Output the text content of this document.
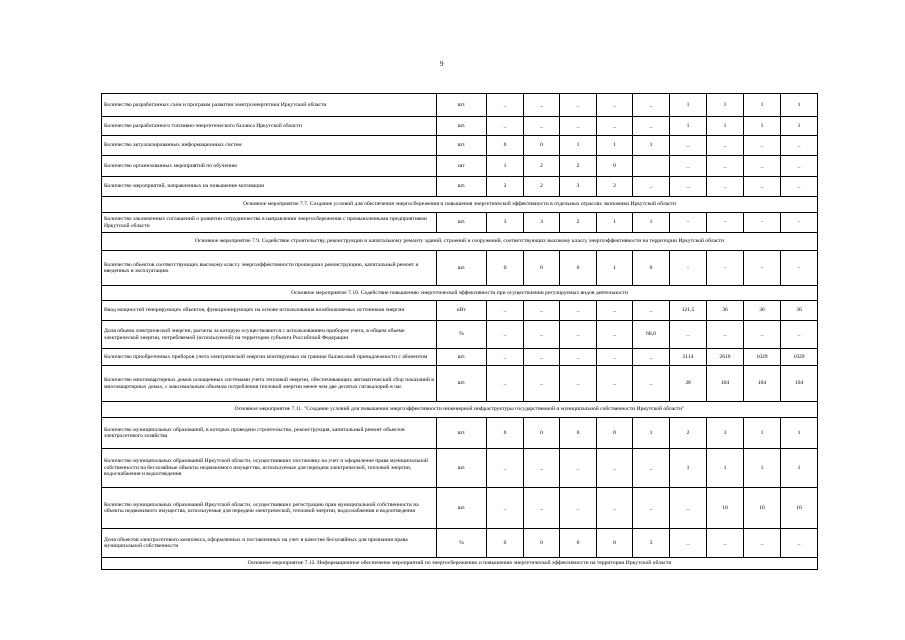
9
Количество разработанных схем и программ развития электроэнергетики Иркутской области	шт.	_	_	_	_	_	1	1	1	1
Количество разработанного топливно-энергетического баланса Иркутской области	шт.	_	_	_	_	_	1	1	1	1
Количество актуализированных информационных систем	шт.	0	0	1	1	1	_	_	_	_
Количество организованных мероприятий по обучению	шт	1	2	2	0		_	_	_	_
Количество мероприятий, направленных на повышение мотивации	шт.	2	2	3	2	_	_	_	_	_
Основное мероприятие 7.7. Создание условий для обеспечения энергосбережения и повышения энергетической эффективности в отдельных отраслях экономики Иркутской области										
Количество заключенных соглашений о развитии сотрудничества в направлении энергосбережения с промышленными предприятиями Иркутской области	шт.	3	3	2	1	1	-	-	-	-
Основное мероприятие 7.9. Содействие строительству, реконструкции и капитальному ремонту зданий, строений и сооружений, соответствующих высокому классу энергоэффективности на территории Иркутской области										
Количество объектов соответствующих высокому классу энергоэффективности прошедших реконструкцию, капитальный ремонт и введенных в эксплуатацию	шт.	0	0	0	1	0	-	-	-	-
Основное мероприятие 7.10. Содействие повышению энергетической эффективности при осуществлении регулируемых видов деятельности										
Ввод мощностей генерирующих объектов, функционирующих на основе использования возобновляемых источников энергии	кВт	_	_	_	_	_	121,5	36	36	36
Доля объема электрической энергии, расчеты за которую осуществляются с использованием приборов учета, в общем объеме электрической энергии, потребляемой (используемой) на территории субъекта Российской Федерации	%	_	_	_	_	68,0	_	_	_	_
Количество приобретенных приборов учета электрической энергии монтируемых на границе балансовой принадлежности с абонентом	шт.	_	_	_	_	_	2114	2610	1029	1029
Количество многоквартирных домов оснащенных системами учета тепловой энергии, обеспечивающих автоматический сбор показаний в многоквартирных домах, с максимальным объемом потребления тепловой энергии менее чем две десятых гигакалорий в час	шт.	_	_	_	_	_	38	104	104	104
Основное мероприятие 7.11. "Создание условий для повышения энергоэффективности инженерной инфраструктуры государственной и муниципальной собственности Иркутской области"										
Количество муниципальных образований, в которых проведено строительство, реконструкция, капитальный ремонт объектов электросетевого хозяйства	шт.	0	0	0	0	1	2	3	1	1
Количество муниципальных образований Иркутской области, осуществивших постановку на учет и оформление права муниципальной собственности на бесхозяйные объекты недвижимого имущества, используемые для передачи электрической, тепловой энергии, водоснабжения и водоотведения	шт.	_	_	_	_	_	1	1	1	1
Количество муниципальных образований Иркутской области, осуществивших регистрацию прав муниципальной собственности на объекты недвижимого имущества, используемые для передачи электрической, тепловой энергии, водоснабжения и водоотведения	шт.	_	_	_	_	_	_	10	10	10
Доля объектов электросетевого комплекса, оформленных и поставленных на учет в качестве бесхозяйных для признания права муниципальной собственности	%	0	0	0	0	3	_	_	_	_
Основное мероприятие 7.12. Информационное обеспечение мероприятий по энергосбережению и повышению энергетической эффективности на территории Иркутской области										
